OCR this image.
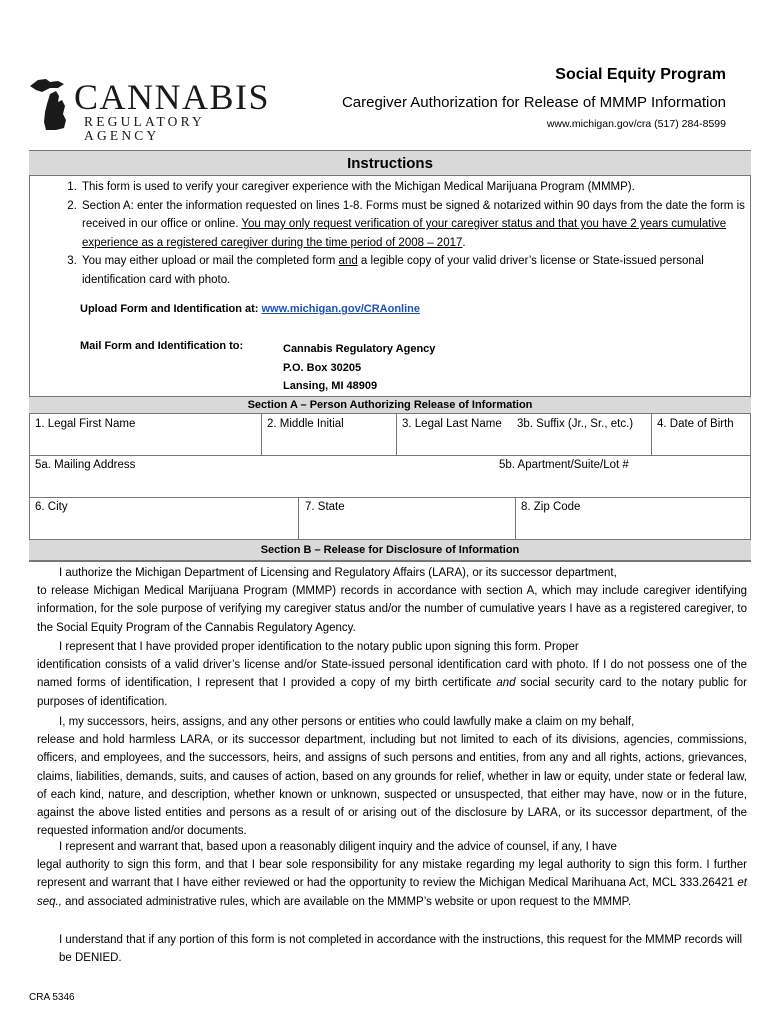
CANNABIS
REGULATORY AGENCY
Social Equity Program
Caregiver Authorization for Release of MMMP Information
www.michigan.gov/cra (517) 284-8599
Instructions
1. This form is used to verify your caregiver experience with the Michigan Medical Marijuana Program (MMMP).
2. Section A: enter the information requested on lines 1-8. Forms must be signed & notarized within 90 days from the date the form is received in our office or online. You may only request verification of your caregiver status and that you have 2 years cumulative experience as a registered caregiver during the time period of 2008 – 2017.
3. You may either upload or mail the completed form and a legible copy of your valid driver’s license or State-issued personal identification card with photo.
Upload Form and Identification at: www.michigan.gov/CRAonline
Mail Form and Identification to:	Cannabis Regulatory Agency
P.O. Box 30205
Lansing, MI 48909
Section A – Person Authorizing Release of Information
1. Legal First Name	2. Middle Initial	3. Legal Last Name 3b. Suffix (Jr., Sr., etc.) 4. Date of Birth
5a. Mailing Address	5b. Apartment/Suite/Lot #
6. City	7. State	8. Zip Code
Section B – Release for Disclosure of Information

I authorize the Michigan Department of Licensing and Regulatory Affairs (LARA), or its successor department,

to release Michigan Medical Marijuana Program (MMMP) records in accordance with section A, which may include caregiver identifying information, for the sole purpose of verifying my caregiver status and/or the number of cumulative years I have as a registered caregiver, to the Social Equity Program of the Cannabis Regulatory Agency.

I represent that I have provided proper identification to the notary public upon signing this form. Proper

identification consists of a valid driver’s license and/or State-issued personal identification card with photo. If I do not possess one of the named forms of identification, I represent that I provided a copy of my birth certificate and social security card to the notary public for purposes of identification.

I, my successors, heirs, assigns, and any other persons or entities who could lawfully make a claim on my behalf,

release and hold harmless LARA, or its successor department, including but not limited to each of its divisions, agencies, commissions, officers, and employees, and the successors, heirs, and assigns of such persons and entities, from any and all rights, actions, grievances, claims, liabilities, demands, suits, and causes of action, based on any grounds for relief, whether in law or equity, under state or federal law, of each kind, nature, and description, whether known or unknown, suspected or unsuspected, that either may have, now or in the future, against the above listed entities and persons as a result of or arising out of the disclosure by LARA, or its successor department, of the requested information and/or documents.

I represent and warrant that, based upon a reasonably diligent inquiry and the advice of counsel, if any, I have

legal authority to sign this form, and that I bear sole responsibility for any mistake regarding my legal authority to sign this form. I further represent and warrant that I have either reviewed or had the opportunity to review the Michigan Medical Marihuana Act, MCL 333.26421 et seq., and associated administrative rules, which are available on the MMMP’s website or upon request to the MMMP.

I understand that if any portion of this form is not completed in accordance with the instructions, this request for the MMMP records will be DENIED.

CRA 5346
